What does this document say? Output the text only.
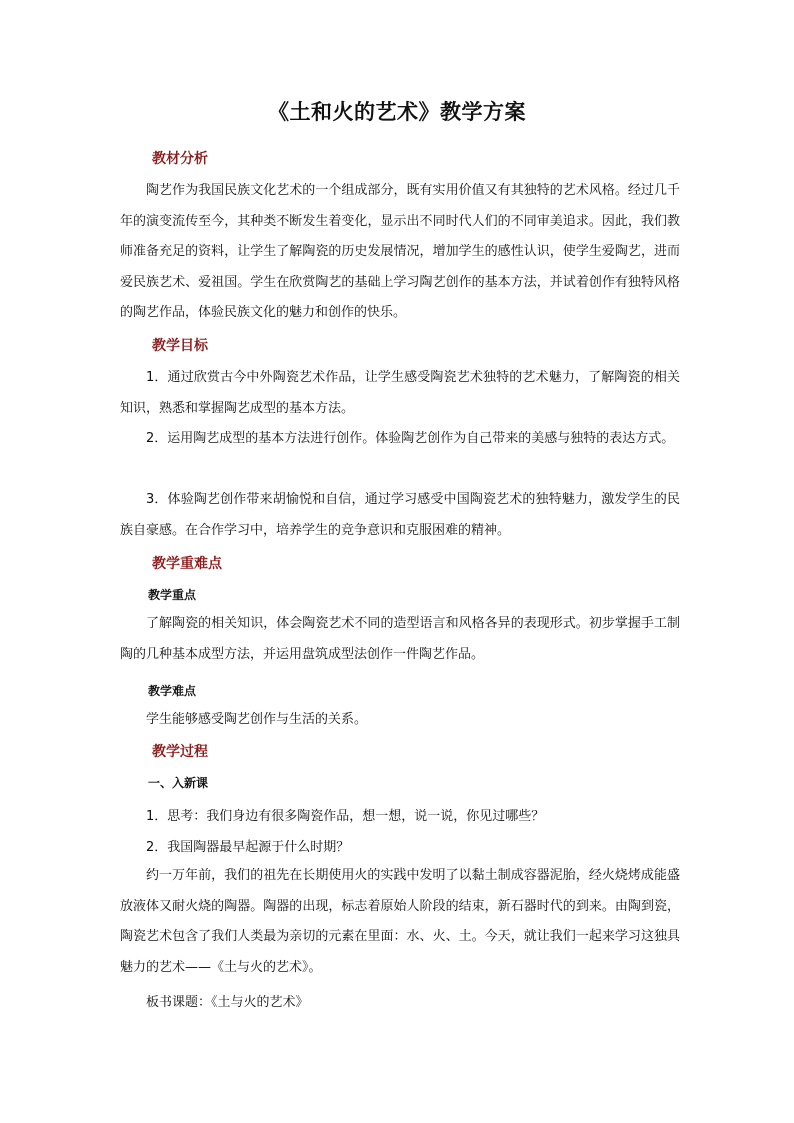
《土和火的艺术》教学方案
教材分析
陶艺作为我国民族文化艺术的一个组成部分，既有实用价值又有其独特的艺术风格。经过几千年的演变流传至今，其种类不断发生着变化，显示出不同时代人们的不同审美追求。因此，我们教师准备充足的资料，让学生了解陶瓷的历史发展情况，增加学生的感性认识，使学生爱陶艺，进而爱民族艺术、爱祖国。学生在欣赏陶艺的基础上学习陶艺创作的基本方法，并试着创作有独特风格的陶艺作品，体验民族文化的魅力和创作的快乐。
教学目标
1．通过欣赏古今中外陶瓷艺术作品，让学生感受陶瓷艺术独特的艺术魅力，了解陶瓷的相关知识，熟悉和掌握陶艺成型的基本方法。
2．运用陶艺成型的基本方法进行创作。体验陶艺创作为自己带来的美感与独特的表达方式。
3．体验陶艺创作带来胡愉悦和自信，通过学习感受中国陶瓷艺术的独特魅力，激发学生的民族自豪感。在合作学习中，培养学生的竞争意识和克服困难的精神。
教学重难点
教学重点
了解陶瓷的相关知识，体会陶瓷艺术不同的造型语言和风格各异的表现形式。初步掌握手工制陶的几种基本成型方法，并运用盘筑成型法创作一件陶艺作品。
教学难点
学生能够感受陶艺创作与生活的关系。
教学过程
一、入新课
1．思考：我们身边有很多陶瓷作品，想一想，说一说，你见过哪些？
2．我国陶器最早起源于什么时期？
约一万年前，我们的祖先在长期使用火的实践中发明了以黏土制成容器泥胎，经火烧烤成能盛放液体又耐火烧的陶器。陶器的出现，标志着原始人阶段的结束，新石器时代的到来。由陶到瓷，陶瓷艺术包含了我们人类最为亲切的元素在里面：水、火、土。今天，就让我们一起来学习这独具魅力的艺术——《土与火的艺术》。
板书课题：《土与火的艺术》
